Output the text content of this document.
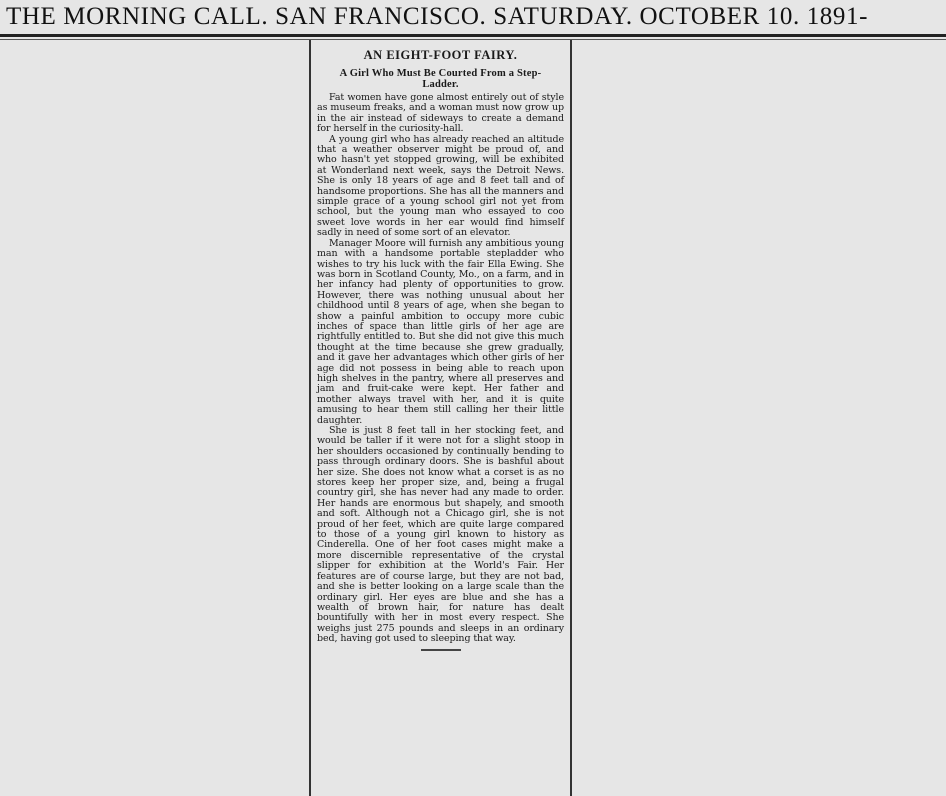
THE MORNING CALL. SAN FRANCISCO. SATURDAY. OCTOBER 10. 1891-
AN EIGHT-FOOT FAIRY.
A Girl Who Must Be Courted From a Step-Ladder.

Fat women have gone almost entirely out of style as museum freaks, and a woman must now grow up in the air instead of sideways to create a demand for herself in the curiosity-hall.

A young girl who has already reached an altitude that a weather observer might be proud of, and who hasn't yet stopped growing, will be exhibited at Wonderland next week, says the Detroit News. She is only 18 years of age and 8 feet tall and of handsome proportions. She has all the manners and simple grace of a young school girl not yet from school, but the young man who essayed to coo sweet love words in her ear would find himself sadly in need of some sort of an elevator.

Manager Moore will furnish any ambitious young man with a handsome portable stepladder who wishes to try his luck with the fair Ella Ewing. She was born in Scotland County, Mo., on a farm, and in her infancy had plenty of opportunities to grow. However, there was nothing unusual about her childhood until 8 years of age, when she began to show a painful ambition to occupy more cubic inches of space than little girls of her age are rightfully entitled to. But she did not give this much thought at the time because she grew gradually, and it gave her advantages which other girls of her age did not possess in being able to reach upon high shelves in the pantry, where all preserves and jam and fruit-cake were kept. Her father and mother always travel with her, and it is quite amusing to hear them still calling her their little daughter.

She is just 8 feet tall in her stocking feet, and would be taller if it were not for a slight stoop in her shoulders occasioned by continually bending to pass through ordinary doors. She is bashful about her size. She does not know what a corset is as no stores keep her proper size, and, being a frugal country girl, she has never had any made to order. Her hands are enormous but shapely, and smooth and soft. Although not a Chicago girl, she is not proud of her feet, which are quite large compared to those of a young girl known to history as Cinderella. One of her foot cases might make a more discernible representative of the crystal slipper for exhibition at the World's Fair. Her features are of course large, but they are not bad, and she is better looking on a large scale than the ordinary girl. Her eyes are blue and she has a wealth of brown hair, for nature has dealt bountifully with her in most every respect. She weighs just 275 pounds and sleeps in an ordinary bed, having got used to sleeping that way.
